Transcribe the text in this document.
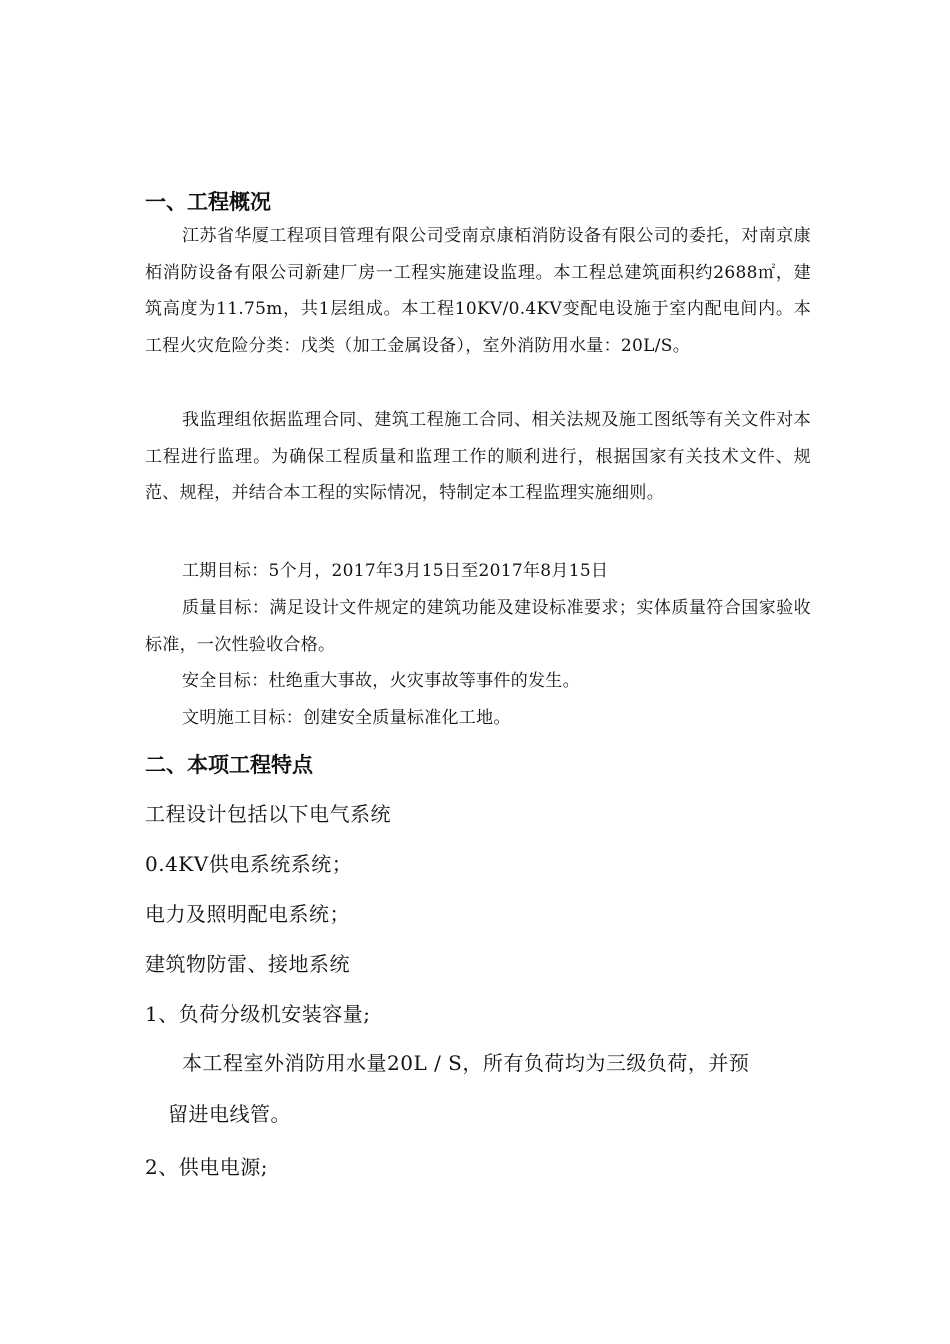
一、工程概况

江苏省华厦工程项目管理有限公司受南京康栢消防设备有限公司的委托，对南京康栢消防设备有限公司新建厂房一工程实施建设监理。本工程总建筑面积约2688㎡，建筑高度为11.75m，共1层组成。本工程10KV/0.4KV变配电设施于室内配电间内。本工程火灾危险分类：戊类（加工金属设备），室外消防用水量：20L/S。

我监理组依据监理合同、建筑工程施工合同、相关法规及施工图纸等有关文件对本工程进行监理。为确保工程质量和监理工作的顺利进行，根据国家有关技术文件、规范、规程，并结合本工程的实际情况，特制定本工程监理实施细则。

工期目标：5个月，2017年3月15日至2017年8月15日

质量目标：满足设计文件规定的建筑功能及建设标准要求；实体质量符合国家验收标准，一次性验收合格。

安全目标：杜绝重大事故，火灾事故等事件的发生。

文明施工目标：创建安全质量标准化工地。

二、本项工程特点

工程设计包括以下电气系统

0.4KV供电系统系统；

电力及照明配电系统；

建筑物防雷、接地系统

1、负荷分级机安装容量;

本工程室外消防用水量20L / S，所有负荷均为三级负荷，并预

留进电线管。

2、供电电源;
